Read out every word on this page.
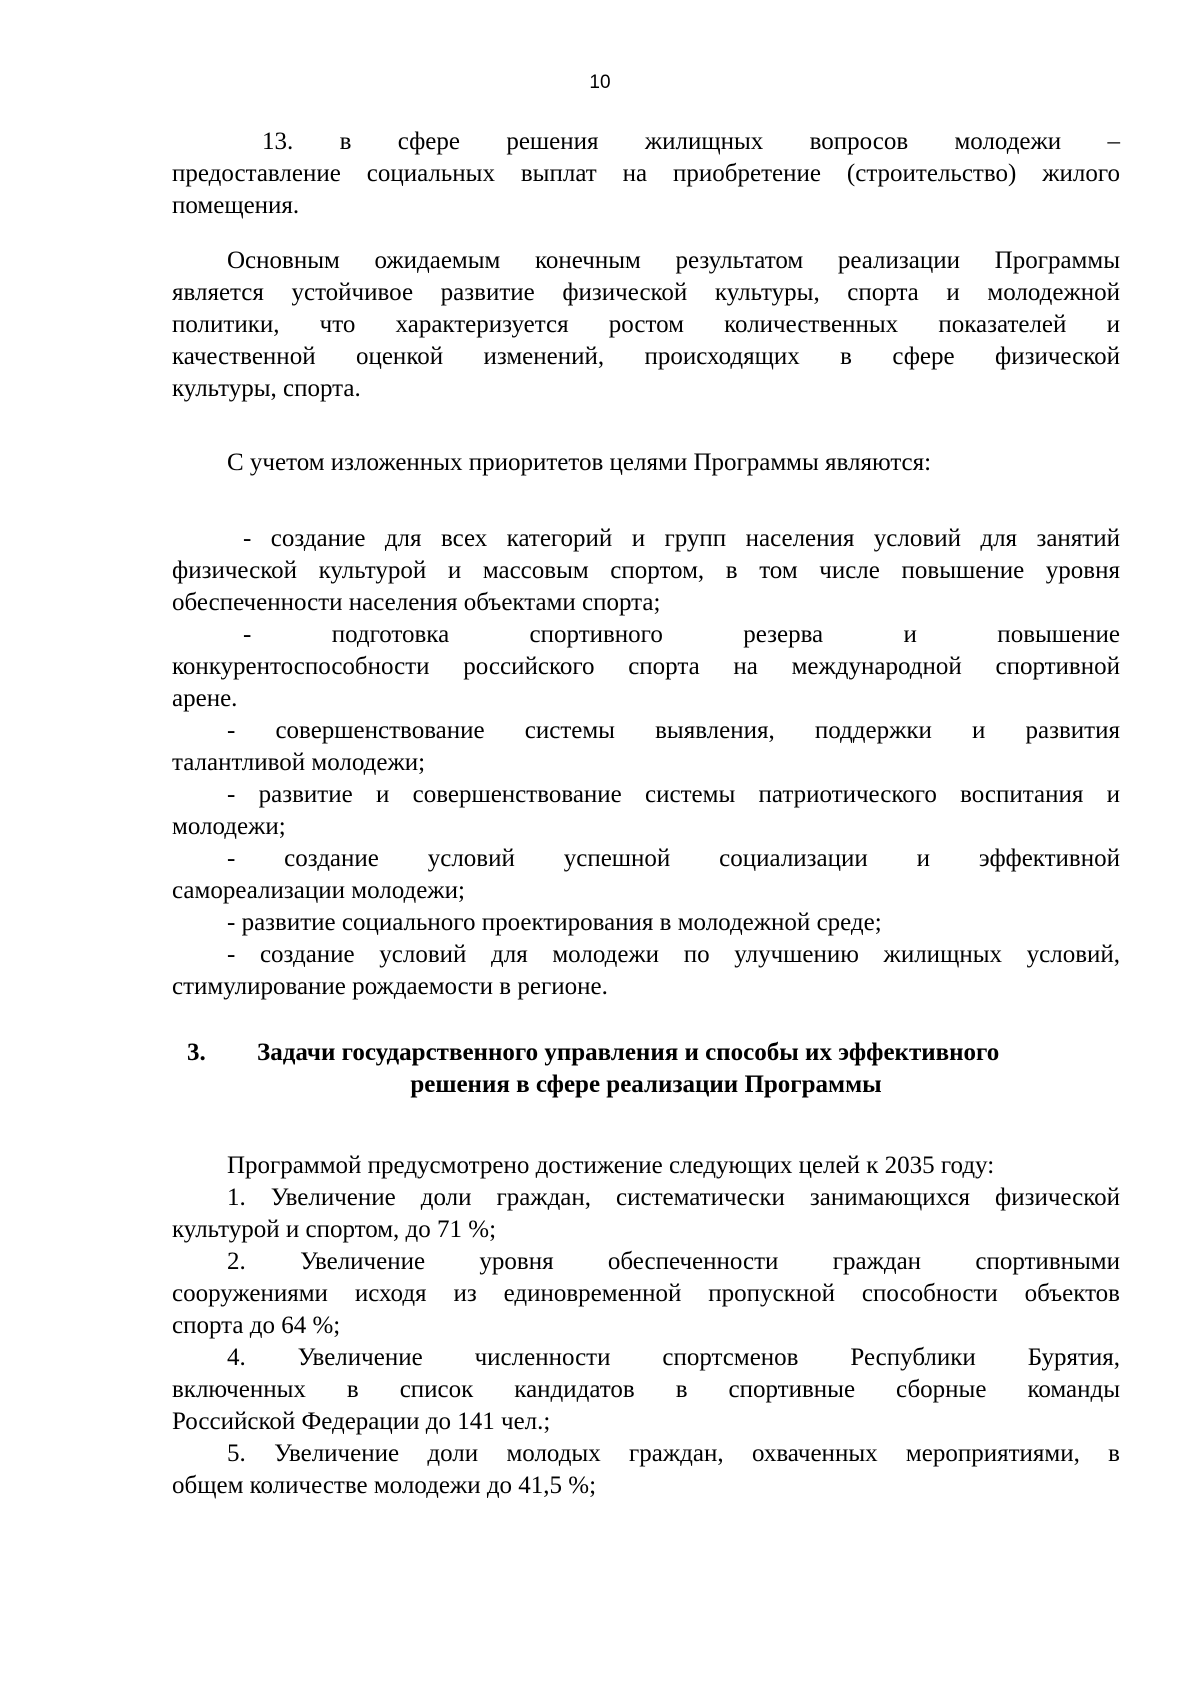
10
13. в сфере решения жилищных вопросов молодежи –
предоставление социальных выплат на приобретение (строительство) жилого
помещения.
Основным ожидаемым конечным результатом реализации Программы
является устойчивое развитие физической культуры, спорта и молодежной
политики, что характеризуется ростом количественных показателей и
качественной оценкой изменений, происходящих в сфере физической
культуры, спорта.
С учетом изложенных приоритетов целями Программы являются:
- создание для всех категорий и групп населения условий для занятий
физической культурой и массовым спортом, в том числе повышение уровня
обеспеченности населения объектами спорта;
- подготовка спортивного резерва и повышение
конкурентоспособности российского спорта на международной спортивной
арене.
- совершенствование системы выявления, поддержки и развития
талантливой молодежи;
- развитие и совершенствование системы патриотического воспитания и
молодежи;
- создание условий успешной социализации и эффективной
самореализации молодежи;
- развитие социального проектирования в молодежной среде;
- создание условий для молодежи по улучшению жилищных условий,
стимулирование рождаемости в регионе.
3. Задачи государственного управления и способы их эффективного
решения в сфере реализации Программы
Программой предусмотрено достижение следующих целей к 2035 году:
1. Увеличение доли граждан, систематически занимающихся физической
культурой и спортом, до 71 %;
2. Увеличение уровня обеспеченности граждан спортивными
сооружениями исходя из единовременной пропускной способности объектов
спорта до 64 %;
4. Увеличение численности спортсменов Республики Бурятия,
включенных в список кандидатов в спортивные сборные команды
Российской Федерации до 141 чел.;
5. Увеличение доли молодых граждан, охваченных мероприятиями, в
общем количестве молодежи до 41,5 %;
